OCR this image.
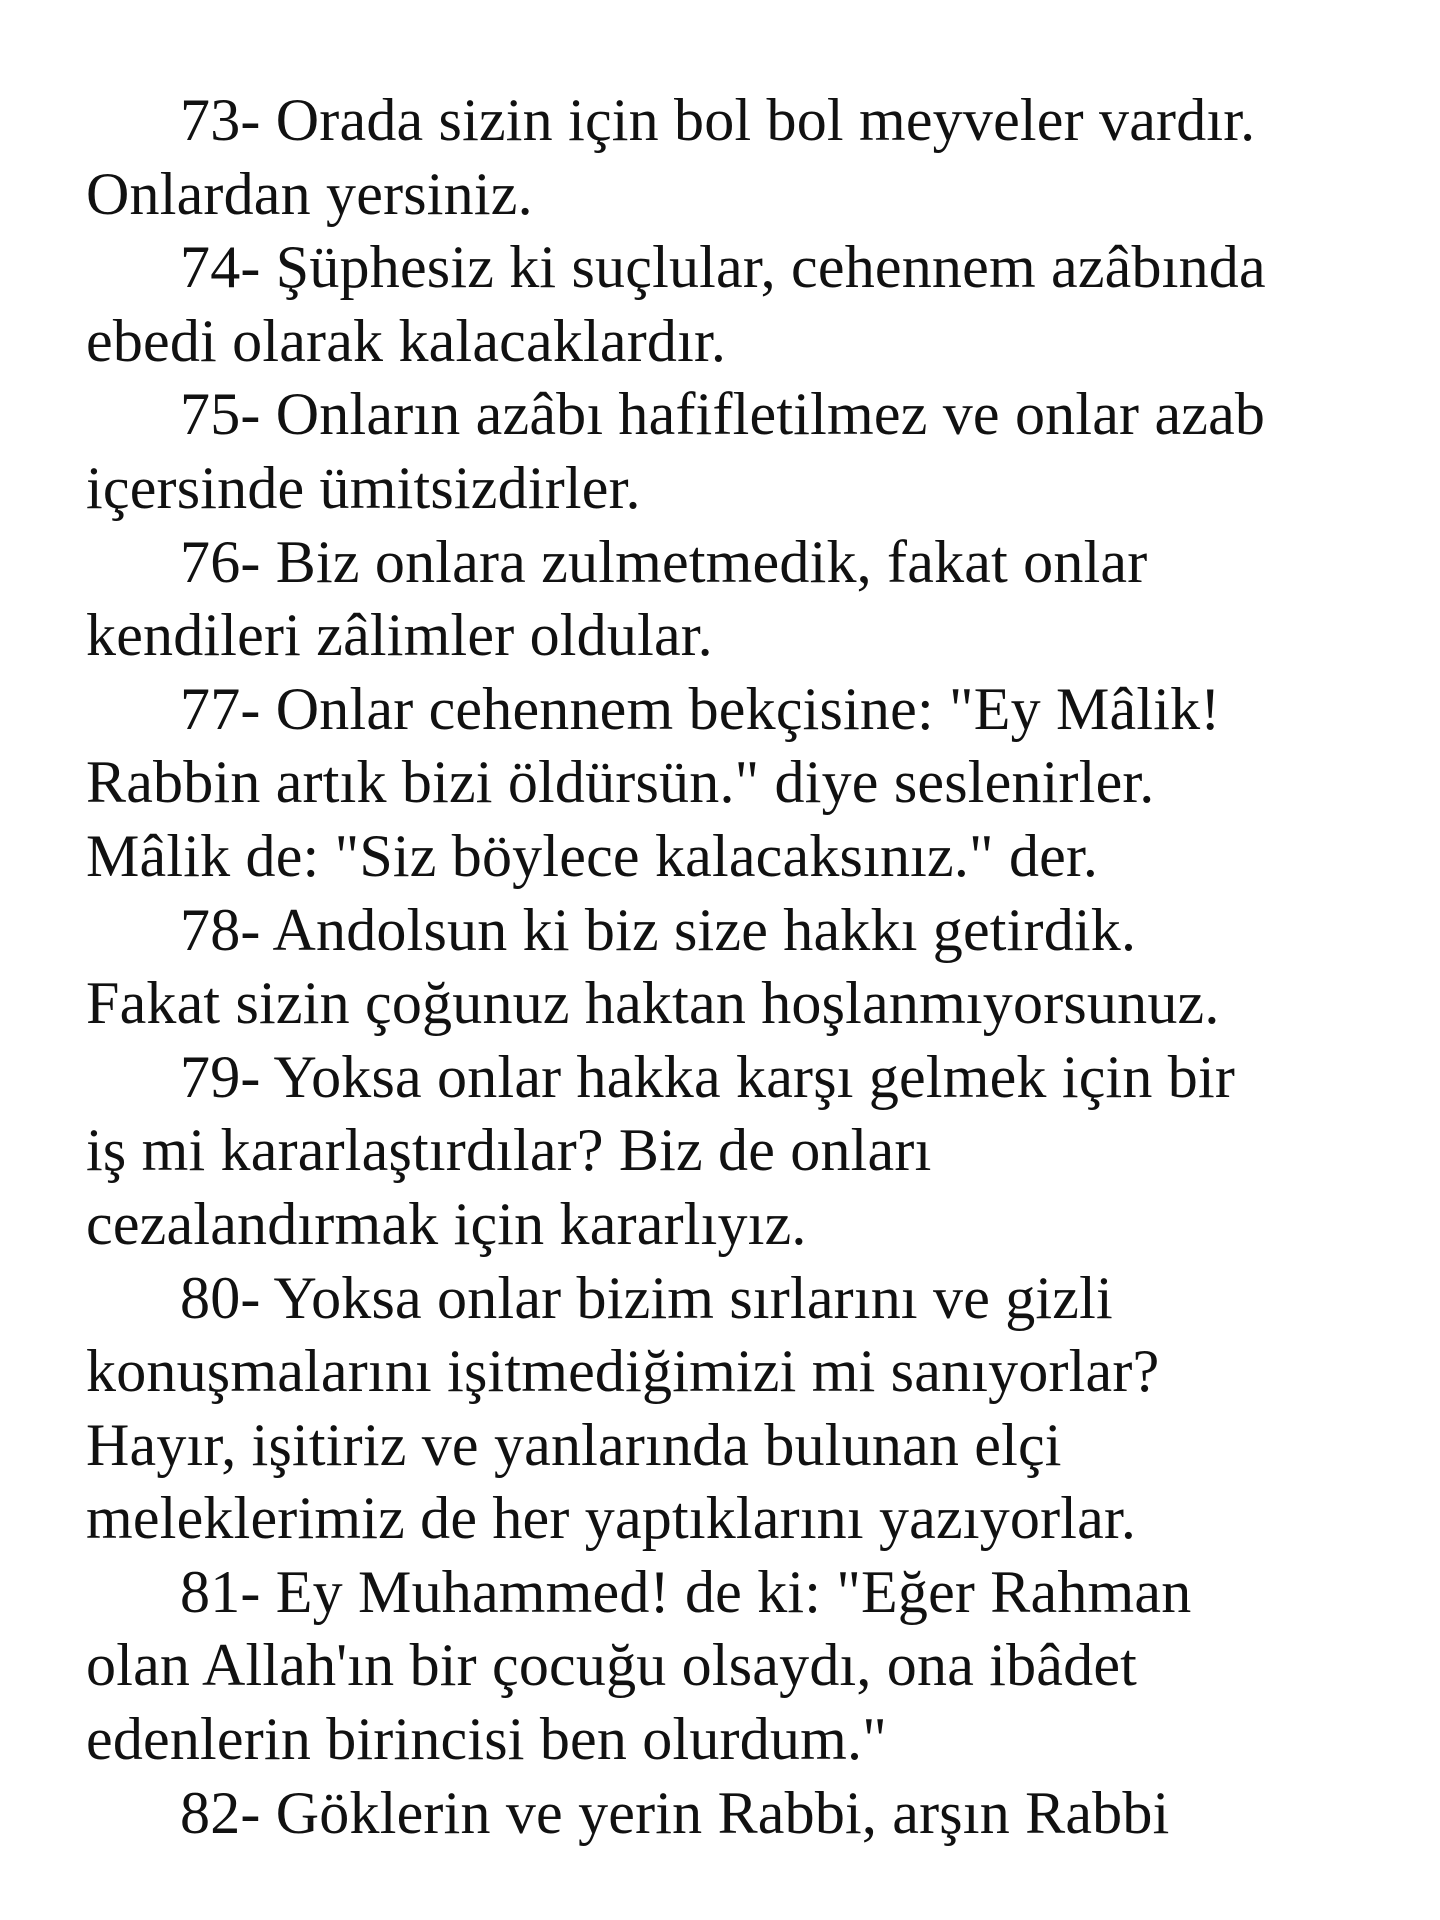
73- Orada sizin için bol bol meyveler vardır.
Onlardan yersiniz.

74- Şüphesiz ki suçlular, cehennem azâbında
ebedi olarak kalacaklardır.

75- Onların azâbı hafifletilmez ve onlar azab
içersinde ümitsizdirler.

76- Biz onlara zulmetmedik, fakat onlar
kendileri zâlimler oldular.

77- Onlar cehennem bekçisine: "Ey Mâlik!
Rabbin artık bizi öldürsün." diye seslenirler.
Mâlik de: "Siz böylece kalacaksınız." der.

78- Andolsun ki biz size hakkı getirdik.
Fakat sizin çoğunuz haktan hoşlanmıyorsunuz.

79- Yoksa onlar hakka karşı gelmek için bir
iş mi kararlaştırdılar? Biz de onları
cezalandırmak için kararlıyız.

80- Yoksa onlar bizim sırlarını ve gizli
konuşmalarını işitmediğimizi mi sanıyorlar?
Hayır, işitiriz ve yanlarında bulunan elçi
meleklerimiz de her yaptıklarını yazıyorlar.

81- Ey Muhammed! de ki: "Eğer Rahman
olan Allah'ın bir çocuğu olsaydı, ona ibâdet
edenlerin birincisi ben olurdum."

82- Göklerin ve yerin Rabbi, arşın Rabbi
